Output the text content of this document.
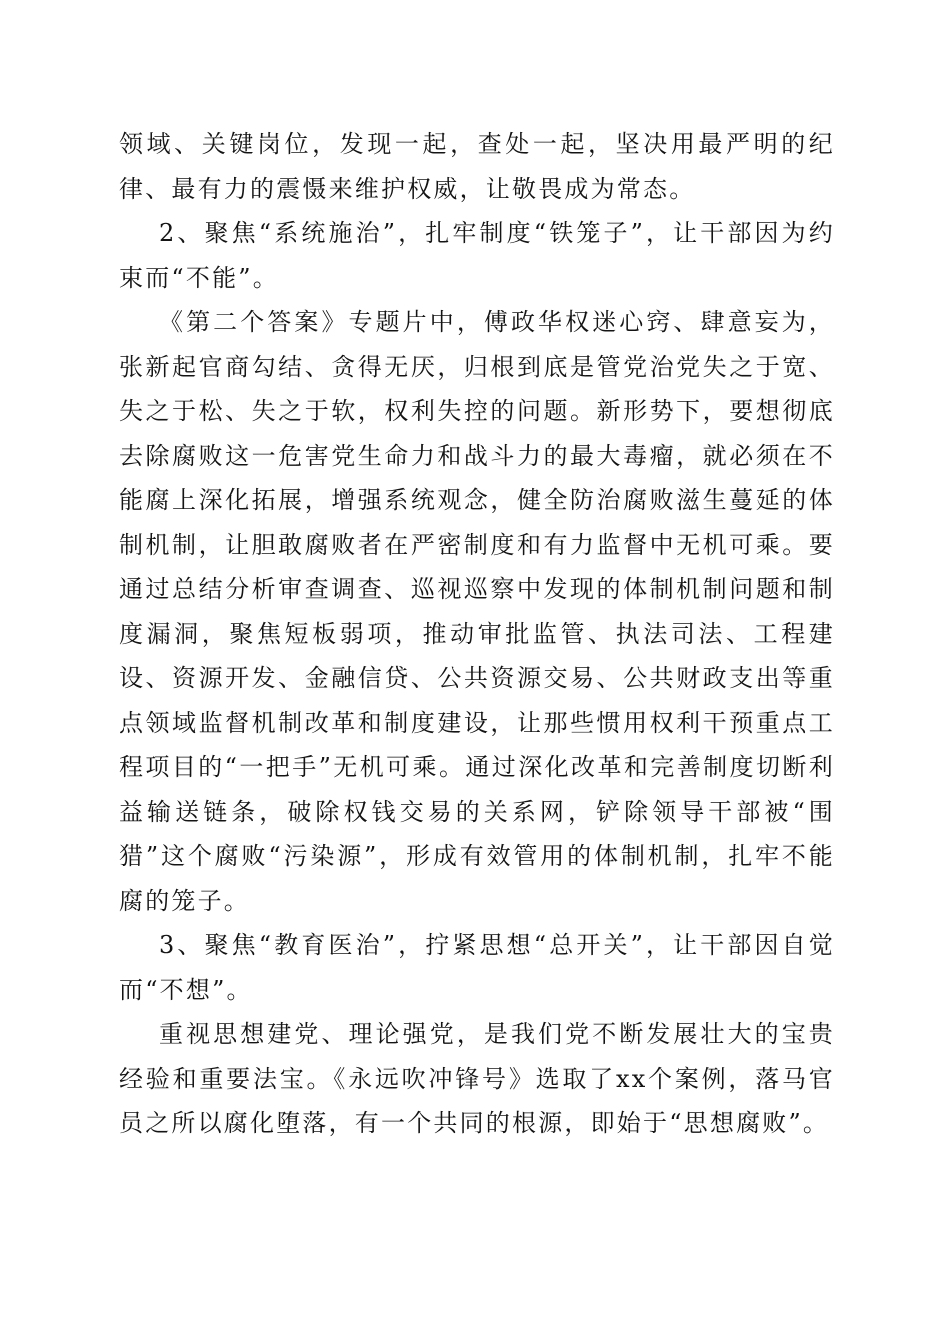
领域、关键岗位，发现一起，查处一起，坚决用最严明的纪律、最有力的震慑来维护权威，让敬畏成为常态。

2、聚焦“系统施治”，扎牢制度“铁笼子”，让干部因为约束而“不能”。

《第二个答案》专题片中，傅政华权迷心窍、肆意妄为，张新起官商勾结、贪得无厌，归根到底是管党治党失之于宽、失之于松、失之于软，权利失控的问题。新形势下，要想彻底去除腐败这一危害党生命力和战斗力的最大毒瘤，就必须在不能腐上深化拓展，增强系统观念，健全防治腐败滋生蔓延的体制机制，让胆敢腐败者在严密制度和有力监督中无机可乘。要通过总结分析审查调查、巡视巡察中发现的体制机制问题和制度漏洞，聚焦短板弱项，推动审批监管、执法司法、工程建设、资源开发、金融信贷、公共资源交易、公共财政支出等重点领域监督机制改革和制度建设，让那些惯用权利干预重点工程项目的“一把手”无机可乘。通过深化改革和完善制度切断利益输送链条，破除权钱交易的关系网，铲除领导干部被“围猎”这个腐败“污染源”，形成有效管用的体制机制，扎牢不能腐的笼子。

3、聚焦“教育医治”，拧紧思想“总开关”，让干部因自觉而“不想”。

重视思想建党、理论强党，是我们党不断发展壮大的宝贵经验和重要法宝。《永远吹冲锋号》选取了xx个案例，落马官员之所以腐化堕落，有一个共同的根源，即始于“思想腐败”。
